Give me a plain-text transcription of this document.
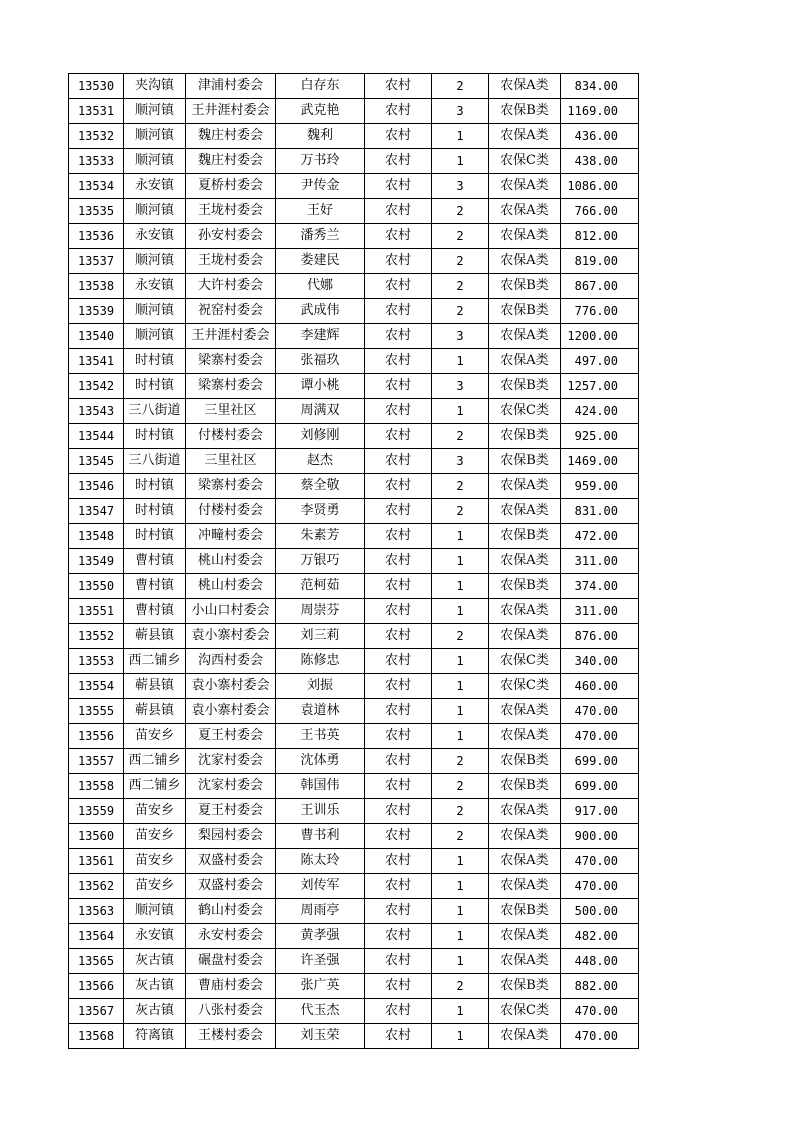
13530	夹沟镇	津浦村委会	白存东	农村	2	农保A类	834.00
13531	顺河镇	王井涯村委会	武克艳	农村	3	农保B类	1169.00
13532	顺河镇	魏庄村委会	魏利	农村	1	农保A类	436.00
13533	顺河镇	魏庄村委会	万书玲	农村	1	农保C类	438.00
13534	永安镇	夏桥村委会	尹传金	农村	3	农保A类	1086.00
13535	顺河镇	王垅村委会	王好	农村	2	农保A类	766.00
13536	永安镇	孙安村委会	潘秀兰	农村	2	农保A类	812.00
13537	顺河镇	王垅村委会	娄建民	农村	2	农保A类	819.00
13538	永安镇	大许村委会	代娜	农村	2	农保B类	867.00
13539	顺河镇	祝窑村委会	武成伟	农村	2	农保B类	776.00
13540	顺河镇	王井涯村委会	李建辉	农村	3	农保A类	1200.00
13541	时村镇	梁寨村委会	张福玖	农村	1	农保A类	497.00
13542	时村镇	梁寨村委会	谭小桃	农村	3	农保B类	1257.00
13543	三八街道	三里社区	周满双	农村	1	农保C类	424.00
13544	时村镇	付楼村委会	刘修刚	农村	2	农保B类	925.00
13545	三八街道	三里社区	赵杰	农村	3	农保B类	1469.00
13546	时村镇	梁寨村委会	蔡全敬	农村	2	农保A类	959.00
13547	时村镇	付楼村委会	李贤勇	农村	2	农保A类	831.00
13548	时村镇	冲疃村委会	朱素芳	农村	1	农保B类	472.00
13549	曹村镇	桃山村委会	万银巧	农村	1	农保A类	311.00
13550	曹村镇	桃山村委会	范柯茹	农村	1	农保B类	374.00
13551	曹村镇	小山口村委会	周崇芬	农村	1	农保A类	311.00
13552	蕲县镇	袁小寨村委会	刘三莉	农村	2	农保A类	876.00
13553	西二铺乡	沟西村委会	陈修忠	农村	1	农保C类	340.00
13554	蕲县镇	袁小寨村委会	刘振	农村	1	农保C类	460.00
13555	蕲县镇	袁小寨村委会	袁道林	农村	1	农保A类	470.00
13556	苗安乡	夏王村委会	王书英	农村	1	农保A类	470.00
13557	西二铺乡	沈家村委会	沈体勇	农村	2	农保B类	699.00
13558	西二铺乡	沈家村委会	韩国伟	农村	2	农保B类	699.00
13559	苗安乡	夏王村委会	王训乐	农村	2	农保A类	917.00
13560	苗安乡	梨园村委会	曹书利	农村	2	农保A类	900.00
13561	苗安乡	双盛村委会	陈太玲	农村	1	农保A类	470.00
13562	苗安乡	双盛村委会	刘传军	农村	1	农保A类	470.00
13563	顺河镇	鹤山村委会	周雨亭	农村	1	农保B类	500.00
13564	永安镇	永安村委会	黄孝强	农村	1	农保A类	482.00
13565	灰古镇	碾盘村委会	许圣强	农村	1	农保A类	448.00
13566	灰古镇	曹庙村委会	张广英	农村	2	农保B类	882.00
13567	灰古镇	八张村委会	代玉杰	农村	1	农保C类	470.00
13568	符离镇	王楼村委会	刘玉荣	农村	1	农保A类	470.00
